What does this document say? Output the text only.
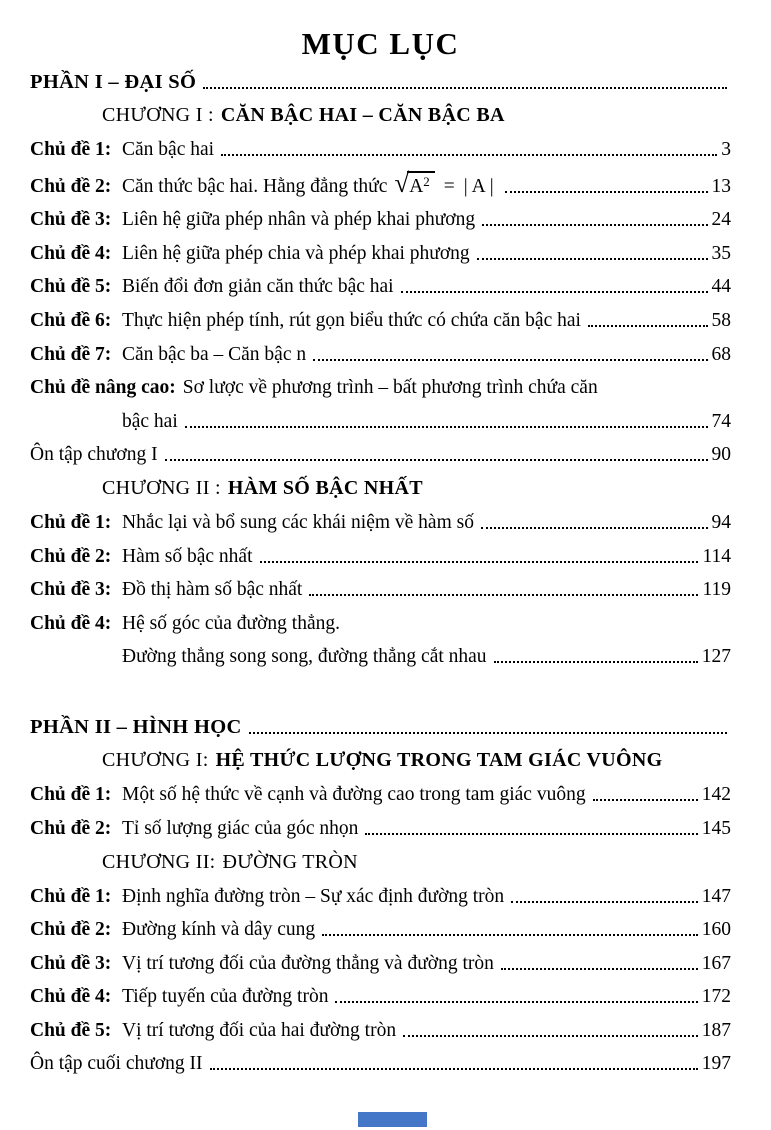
MỤC LỤC
PHẦN I – ĐẠI SỐ
CHƯƠNG I : CĂN BẬC HAI – CĂN BẬC BA
Chủ đề 1: Căn bậc hai	3
Chủ đề 2: Căn thức bậc hai. Hằng đẳng thức √ $A^2 = |A|$	13
Chủ đề 3: Liên hệ giữa phép nhân và phép khai phương	24
Chủ đề 4: Liên hệ giữa phép chia và phép khai phương	35
Chủ đề 5: Biến đổi đơn giản căn thức bậc hai	44
Chủ đề 6: Thực hiện phép tính, rút gọn biểu thức có chứa căn bậc hai	58
Chủ đề 7: Căn bậc ba – Căn bậc n	68
Chủ đề nâng cao: Sơ lược về phương trình – bất phương trình chứa căn
bậc hai	74
Ôn tập chương I	90
CHƯƠNG II : HÀM SỐ BẬC NHẤT
Chủ đề 1: Nhắc lại và bổ sung các khái niệm về hàm số	94
Chủ đề 2: Hàm số bậc nhất	114
Chủ đề 3: Đồ thị hàm số bậc nhất	119
Chủ đề 4: Hệ số góc của đường thẳng.
Đường thẳng song song, đường thẳng cắt nhau	127
PHẦN II – HÌNH HỌC
CHƯƠNG I: HỆ THỨC LƯỢNG TRONG TAM GIÁC VUÔNG
Chủ đề 1: Một số hệ thức về cạnh và đường cao trong tam giác vuông	142
Chủ đề 2: Tỉ số lượng giác của góc nhọn	145
CHƯƠNG II: ĐƯỜNG TRÒN
Chủ đề 1: Định nghĩa đường tròn – Sự xác định đường tròn	147
Chủ đề 2: Đường kính và dây cung	160
Chủ đề 3: Vị trí tương đối của đường thẳng và đường tròn	167
Chủ đề 4: Tiếp tuyến của đường tròn	172
Chủ đề 5: Vị trí tương đối của hai đường tròn	187
Ôn tập cuối chương II	197
